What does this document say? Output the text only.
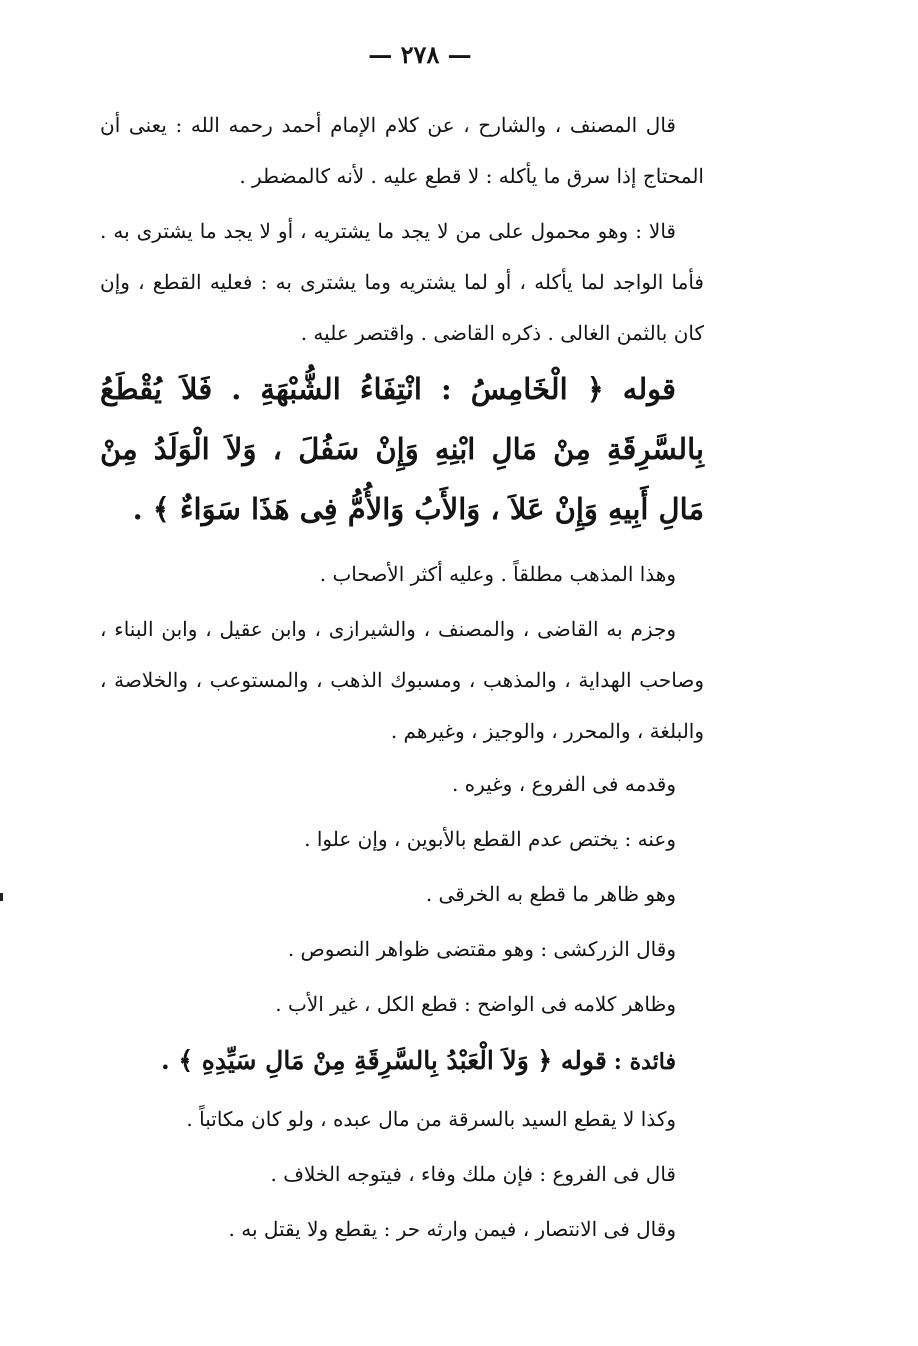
— ٢٧٨ —

قال المصنف ، والشارح ، عن كلام الإمام أحمد رحمه الله : يعنى أن المحتاج إذا سرق ما يأكله : لا قطع عليه . لأنه كالمضطر .

قالا : وهو محمول على من لا يجد ما يشتريه ، أو لا يجد ما يشترى به . فأما الواجد لما يأكله ، أو لما يشتريه وما يشترى به : فعليه القطع ، وإن كان بالثمن الغالى . ذكره القاضى . واقتصر عليه .

قوله ﴿ الْخَامِسُ : انْتِفَاءُ الشُّبْهَةِ . فَلاَ يُقْطَعُ بِالسَّرِقَةِ مِنْ مَالِ ابْنِهِ وَإِنْ سَفُلَ ، وَلاَ الْوَلَدُ مِنْ مَالِ أَبِيهِ وَإِنْ عَلاَ ، وَالأَبُ وَالأُمُّ فِى هَذَا سَوَاءٌ ﴾ .

وهذا المذهب مطلقاً . وعليه أكثر الأصحاب .

وجزم به القاضى ، والمصنف ، والشيرازى ، وابن عقيل ، وابن البناء ، وصاحب الهداية ، والمذهب ، ومسبوك الذهب ، والمستوعب ، والخلاصة ، والبلغة ، والمحرر ، والوجيز ، وغيرهم .

وقدمه فى الفروع ، وغيره .

وعنه : يختص عدم القطع بالأبوين ، وإن علوا .

وهو ظاهر ما قطع به الخرقى .

وقال الزركشى : وهو مقتضى ظواهر النصوص .

وظاهر كلامه فى الواضح : قطع الكل ، غير الأب .

فائدة : قوله ﴿ وَلاَ الْعَبْدُ بِالسَّرِقَةِ مِنْ مَالِ سَيِّدِهِ ﴾ .

وكذا لا يقطع السيد بالسرقة من مال عبده ، ولو كان مكاتباً .

قال فى الفروع : فإن ملك وفاء ، فيتوجه الخلاف .

وقال فى الانتصار ، فيمن وارثه حر : يقطع ولا يقتل به .
